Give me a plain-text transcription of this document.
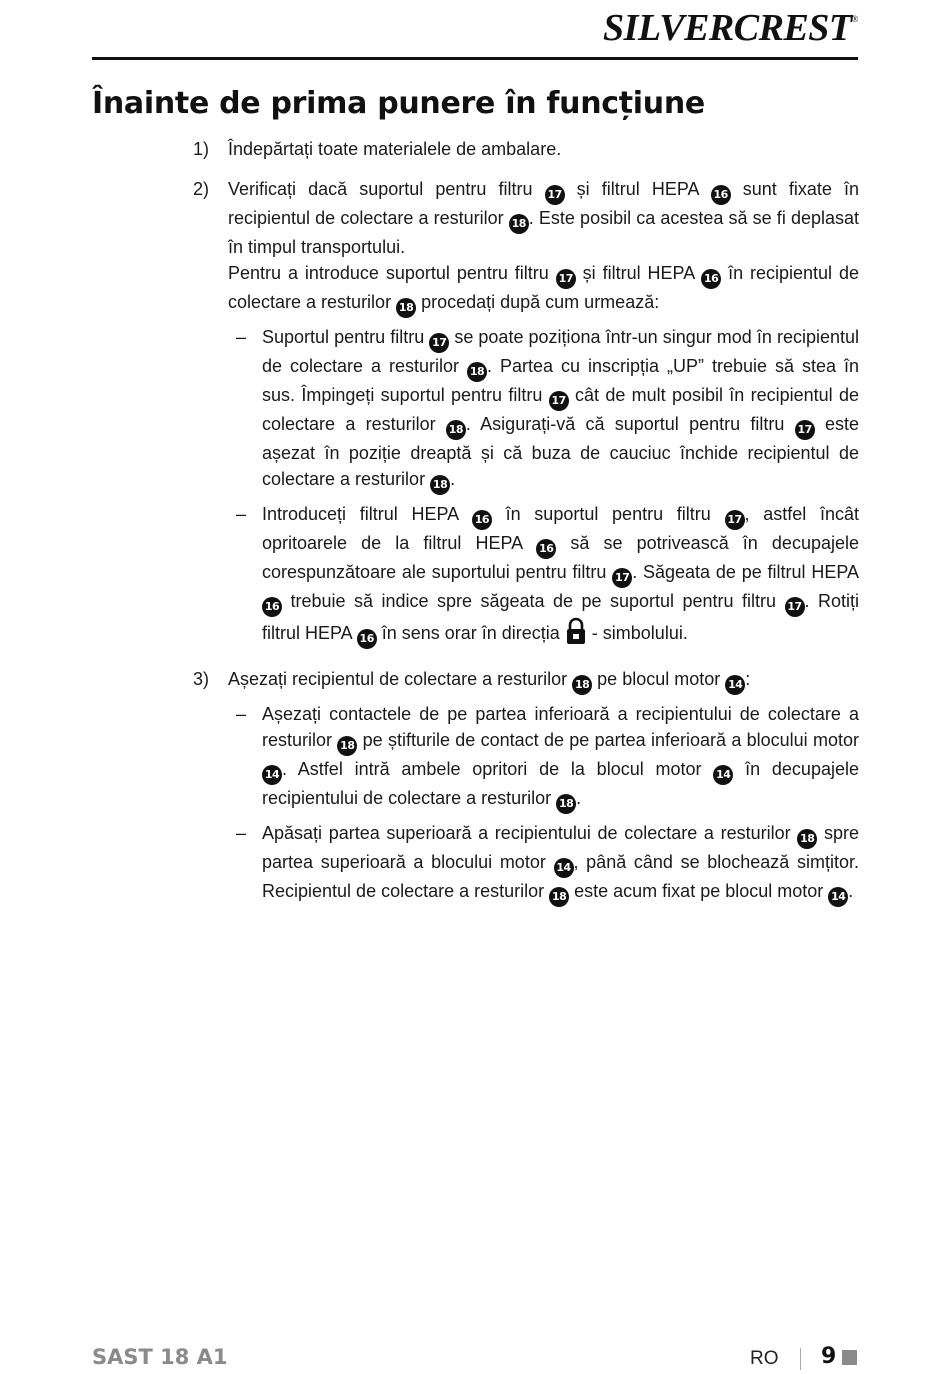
SILVERCREST®
Înainte de prima punere în funcțiune
1) Îndepărtați toate materialele de ambalare.

2) Verificați dacă suportul pentru filtru 17 și filtrul HEPA 16 sunt fixate în recipientul de colectare a resturilor 18 . Este posibil ca acestea să se fi deplasat în timpul transportului.

Pentru a introduce suportul pentru filtru 17 și filtrul HEPA 16 în recipientul de colectare a resturilor 18 procedați după cum urmează:

– Suportul pentru filtru 17 se poate poziționa într-un singur mod în recipientul de colectare a resturilor 18 . Partea cu inscripția „UP” trebuie să stea în sus. Împingeți suportul pentru filtru 17 cât de mult posibil în recipientul de colectare a resturilor 18 . Asigurați-vă că suportul pentru filtru 17 este așezat în poziție dreaptă și că buza de cauciuc închide recipientul de colectare a resturilor 18 .
– Introduceți filtrul HEPA 16 în suportul pentru filtru 17 , astfel încât opritoarele de la filtrul HEPA 16 să se potrivească în decupajele corespunzătoare ale suportului pentru filtru 17 . Săgeata de pe filtrul HEPA 16 trebuie să indice spre săgeata de pe suportul pentru filtru 17 . Rotiți filtrul HEPA 16 în sens orar în direcția  - simbolului.
3) Așezați recipientul de colectare a resturilor 18 pe blocul motor 14 :

– Așezați contactele de pe partea inferioară a recipientului de colectare a resturilor 18 pe știfturile de contact de pe partea inferioară a blocului motor 14 . Astfel intră ambele opritori de la blocul motor 14 în decupajele recipientului de colectare a resturilor 18 .
– Apăsați partea superioară a recipientului de colectare a resturilor 18 spre partea superioară a blocului motor 14 , până când se blochează simțitor. Recipientul de colectare a resturilor 18 este acum fixat pe blocul motor 14 .
SAST 18 A1	RO 9
